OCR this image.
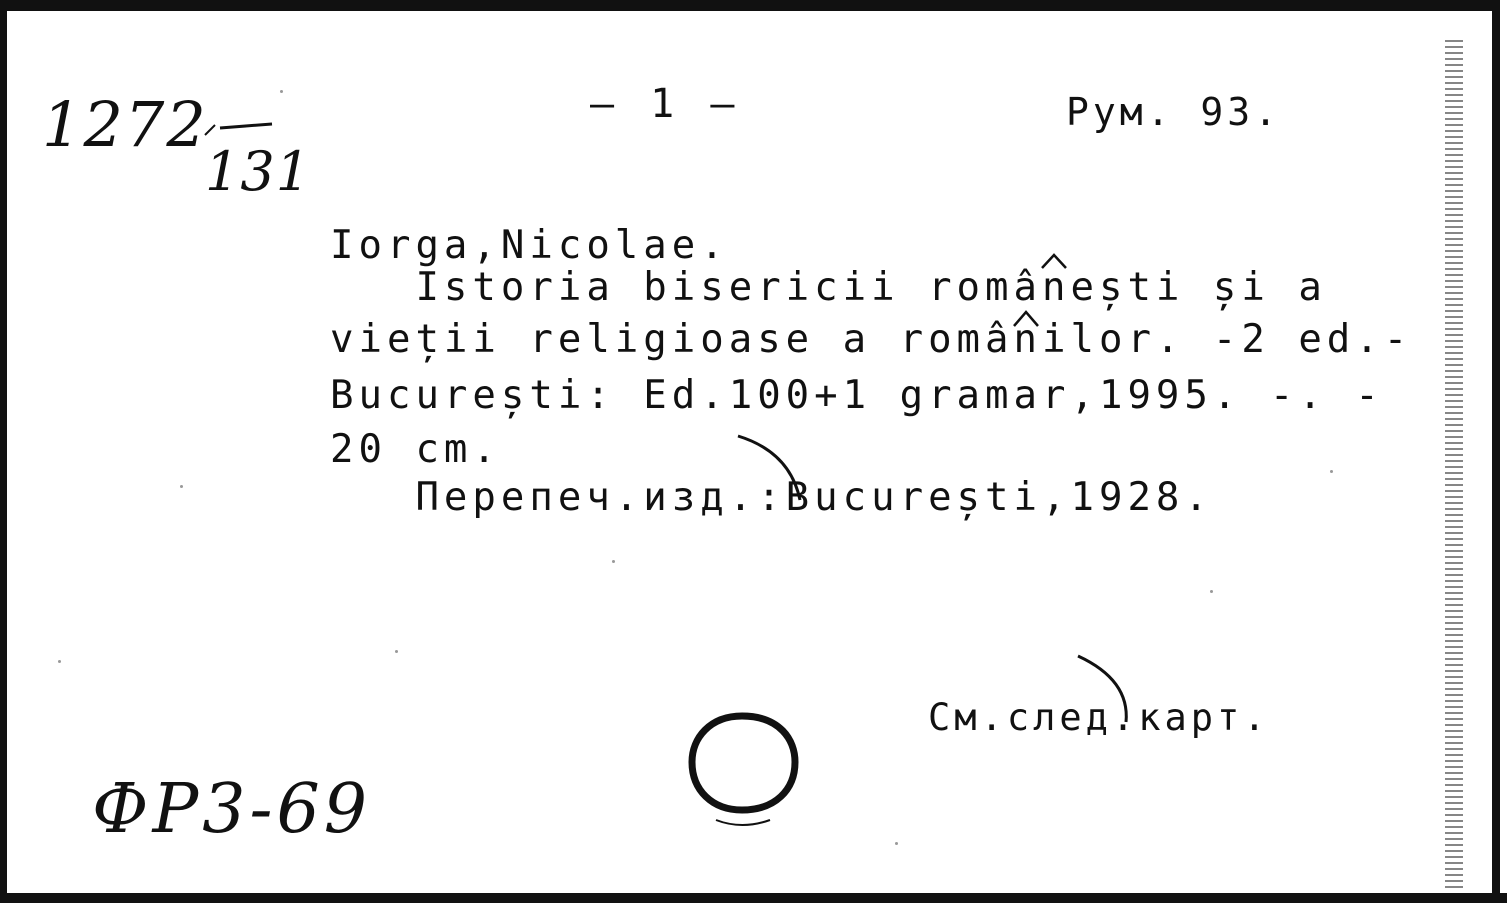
1272
131
— 1 —	Рум. 93.
Iorga,Nicolae.
Istoria bisericii românești și a
vieții religioase a românilor. -2 ed.-
București: Ed.100+1 gramar,1995. -. -
20 cm.
Перепеч.изд.:București,1928.
См.след.карт.
ФР3-69
